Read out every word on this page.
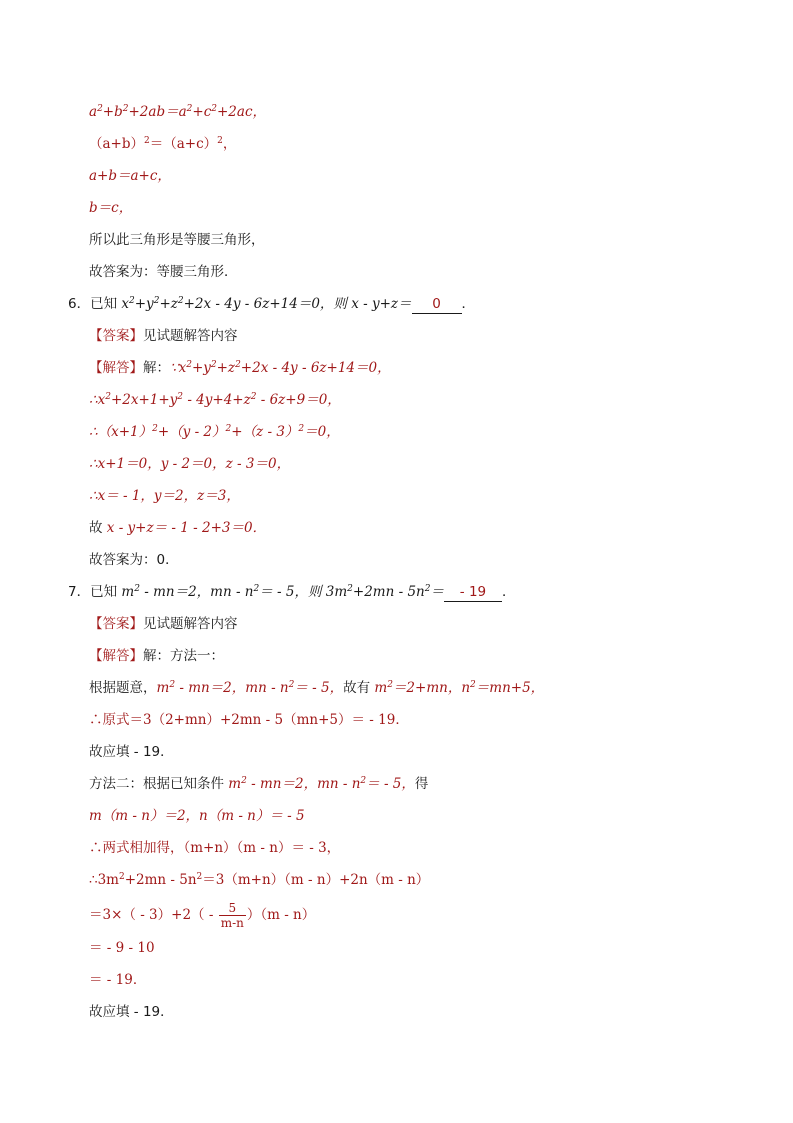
$a^2+b^2+2ab=a^2+c^2+2ac$，
$(a+b)^2=(a+c)^2$，
a+b＝a+c，
b＝c，
所以此三角形是等腰三角形，
故答案为：等腰三角形．
6．已知 $x^2+y^2+z^2+2x - 4y - 6z+14=0$，则 x - y+z＝ 0 ．
【答案】见试题解答内容
【解答】解：$\because x^2+y^2+z^2+2x - 4y - 6z+14=0$，
$\therefore x^2+2x+1+y^2 - 4y+4+z^2 - 6z+9=0$，
$\therefore(x+1)^2+(y - 2)^2+(z - 3)^2=0$，
∴x+1＝0，y - 2＝0，z - 3＝0，
∴x＝ - 1，y＝2，z＝3，
故 x - y+z＝ - 1 - 2+3＝0．
故答案为：0．
7．已知 $m^2 - mn=2$，mn - $n^2= - 5$，则 $3m^2+2mn - 5n^2= - 19$ ．
【答案】见试题解答内容
【解答】解：方法一：
根据题意，$m^2 - mn=2$，mn - $n^2= - 5$，故有 $m^2=2+mn$，$n^2=mn+5$，
∴原式＝3（2+mn）+2mn - 5（mn+5）＝ - 19．
故应填 - 19．
方法二：根据已知条件 $m^2 - mn=2$，mn - $n^2= - 5$，得
m（m - n）＝2，n（m - n）＝ - 5
∴两式相加得，（m+n）（m - n）＝ - 3，
$\therefore 3m^2+2mn - 5n^2=3(m+n)(m - n)+2n(m - n)$
$=3\times( - 3)+2( - \frac{5}{m-n} )(m - n)$
＝ - 9 - 10
＝ - 19．
故应填 - 19．
